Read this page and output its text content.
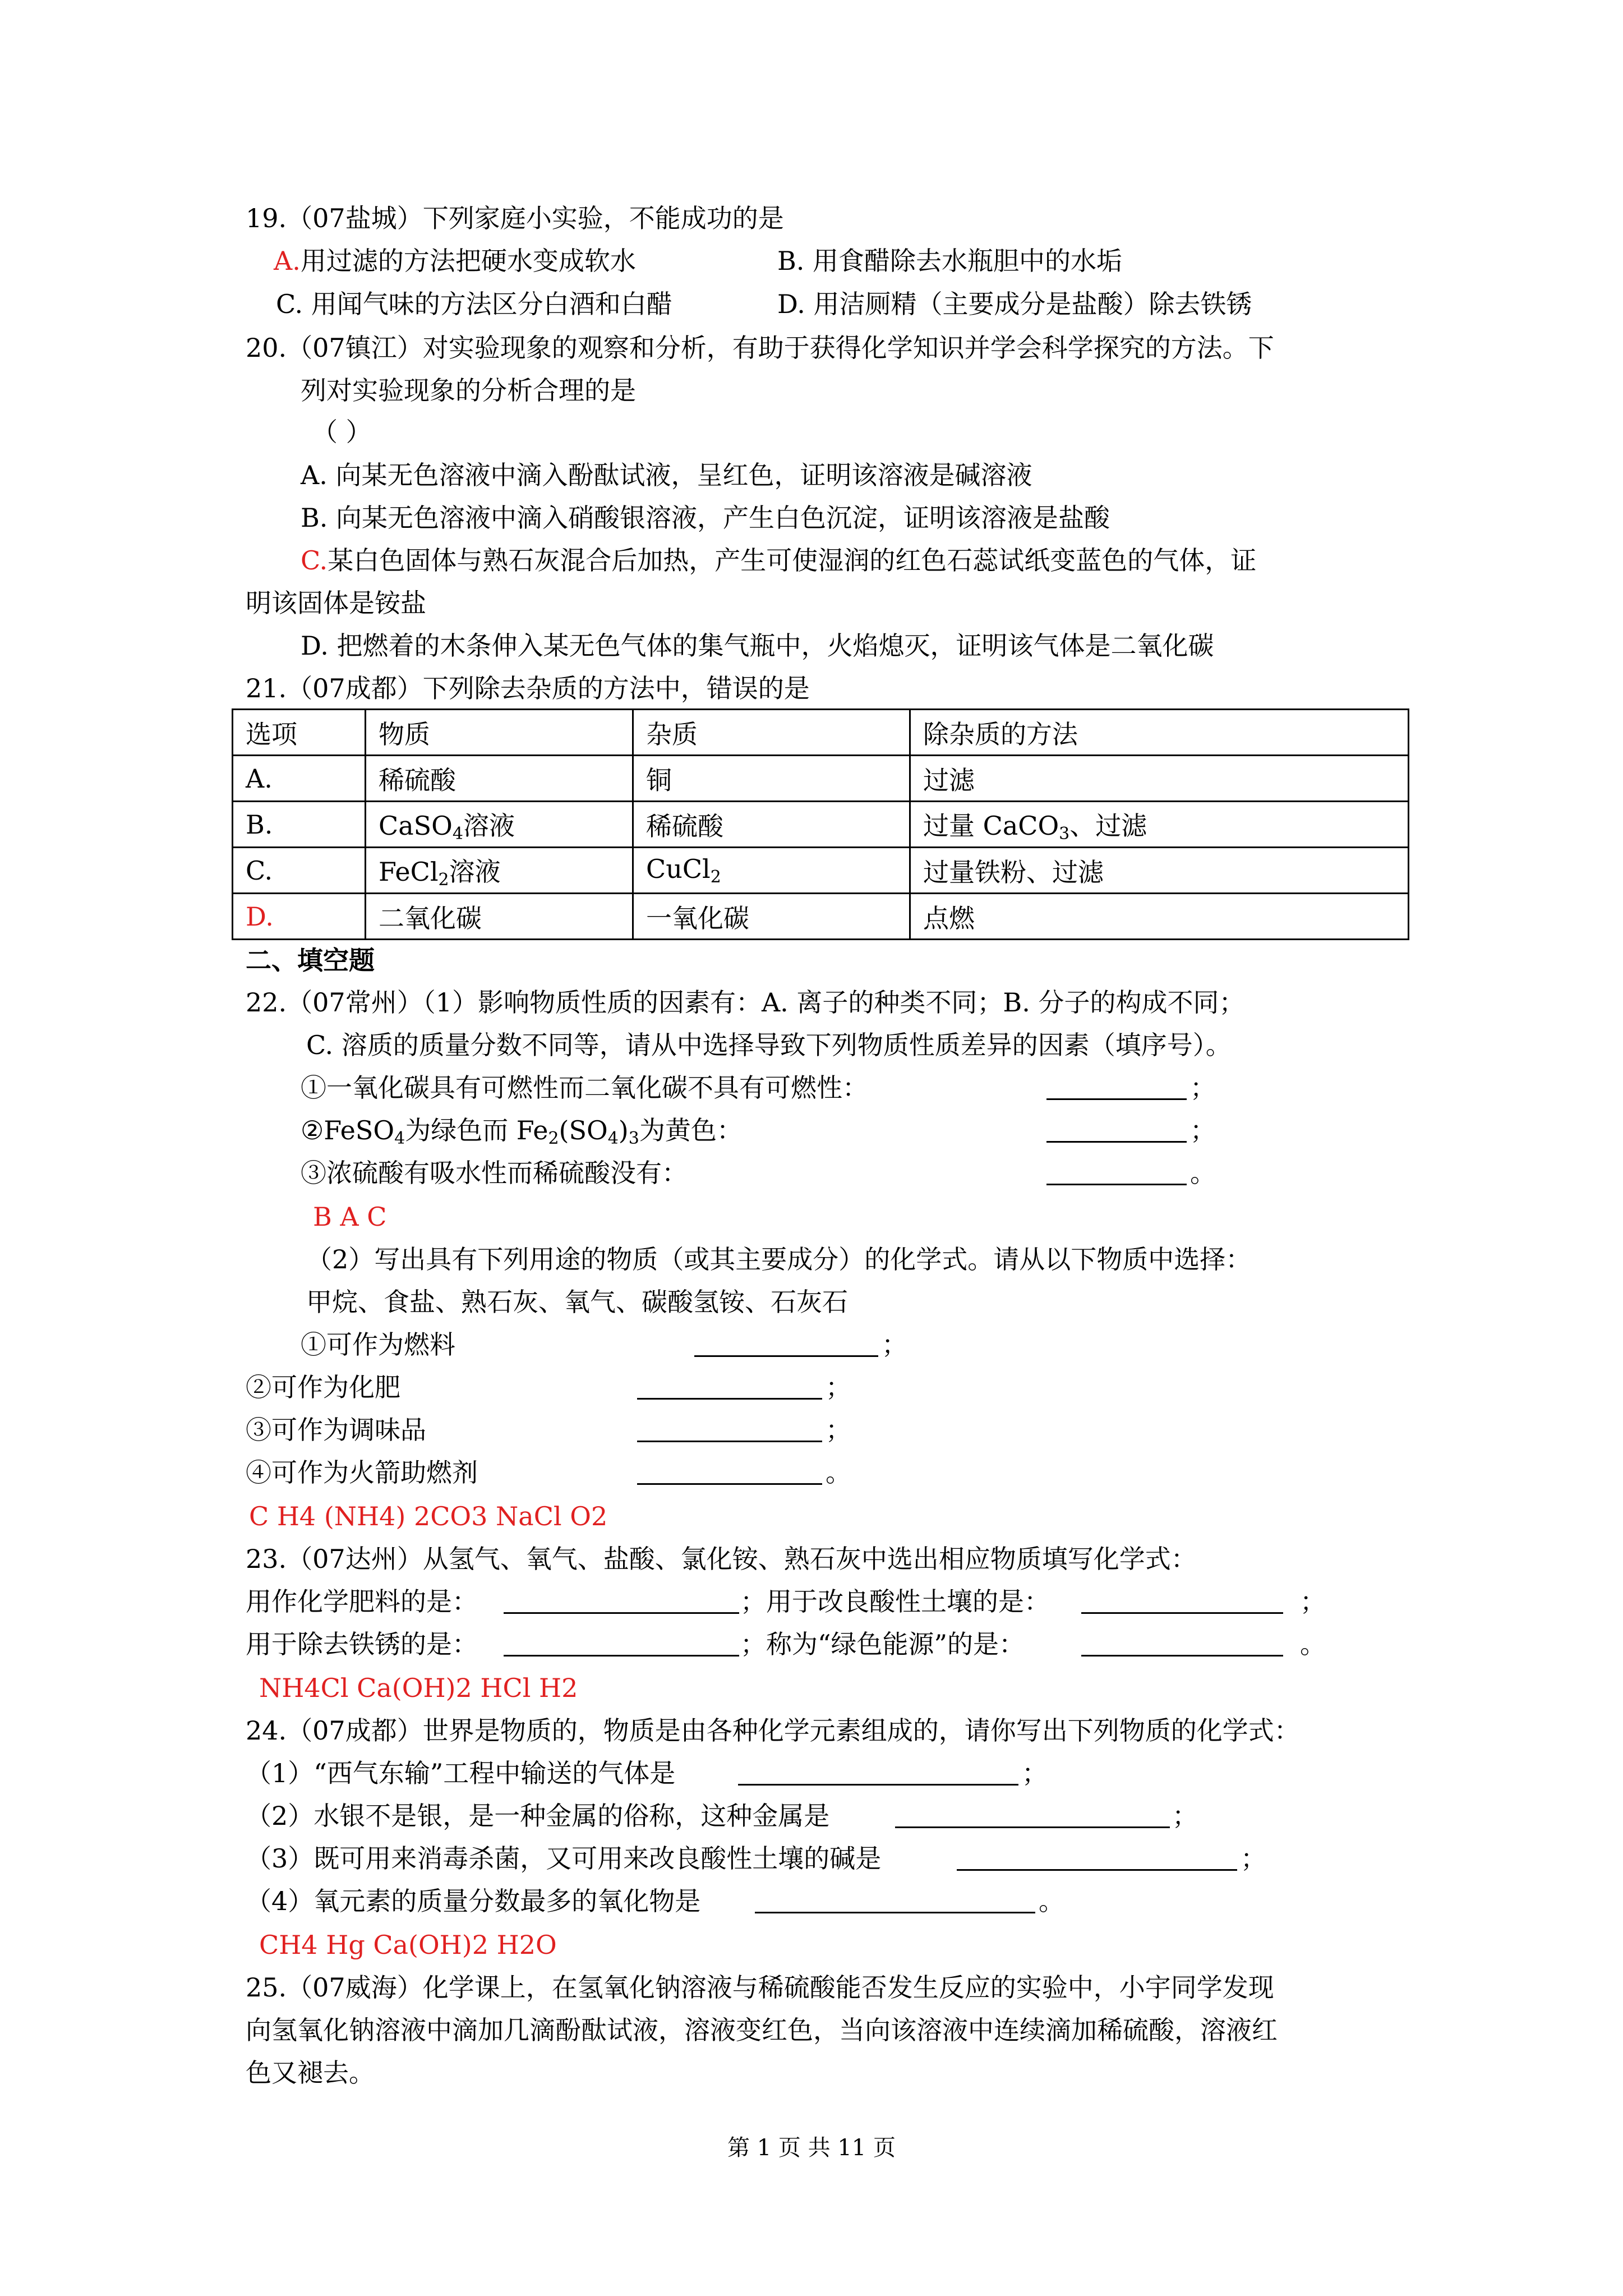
19.（07盐城）下列家庭小实验，不能成功的是
A.用过滤的方法把硬水变成软水	B. 用食醋除去水瓶胆中的水垢
C. 用闻气味的方法区分白酒和白醋	D. 用洁厕精（主要成分是盐酸）除去铁锈
20.（07镇江）对实验现象的观察和分析，有助于获得化学知识并学会科学探究的方法。下
列对实验现象的分析合理的是
（ ）
A. 向某无色溶液中滴入酚酞试液，呈红色，证明该溶液是碱溶液
B. 向某无色溶液中滴入硝酸银溶液，产生白色沉淀，证明该溶液是盐酸
C.某白色固体与熟石灰混合后加热，产生可使湿润的红色石蕊试纸变蓝色的气体，证
明该固体是铵盐
D. 把燃着的木条伸入某无色气体的集气瓶中，火焰熄灭，证明该气体是二氧化碳
21.（07成都）下列除去杂质的方法中，错误的是
选项	物质	杂质	除杂质的方法
A.	稀硫酸	铜	过滤
B.	CaSO$_4$溶液	稀硫酸	过量 CaCO$_3$、过滤
C.	FeCl$_2$溶液	CuCl$_2$	过量铁粉、过滤
D.	二氧化碳	一氧化碳	点燃
二、填空题
22.（07常州）（1）影响物质性质的因素有：A. 离子的种类不同；B. 分子的构成不同；
C. 溶质的质量分数不同等，请从中选择导致下列物质性质差异的因素（填序号）。
①一氧化碳具有可燃性而二氧化碳不具有可燃性：	；
②FeSO$_4$为绿色而 $Fe_2(SO_4)_3$为黄色：	；
③浓硫酸有吸水性而稀硫酸没有：	。
B A C
（2）写出具有下列用途的物质（或其主要成分）的化学式。请从以下物质中选择：
甲烷、食盐、熟石灰、氧气、碳酸氢铵、石灰石
①可作为燃料	；
②可作为化肥	；
③可作为调味品	；
④可作为火箭助燃剂	。
C H4 (NH4) 2CO3 NaCl O2
23.（07达州）从氢气、氧气、盐酸、氯化铵、熟石灰中选出相应物质填写化学式：
用作化学肥料的是：	；用于改良酸性土壤的是：	；
用于除去铁锈的是：	；称为“绿色能源”的是：	。
NH4Cl Ca(OH)2 HCl H2
24.（07成都）世界是物质的，物质是由各种化学元素组成的，请你写出下列物质的化学式：
（1）“西气东输”工程中输送的气体是	；
（2）水银不是银，是一种金属的俗称，这种金属是	；
（3）既可用来消毒杀菌，又可用来改良酸性土壤的碱是	；
（4）氧元素的质量分数最多的氧化物是	。
CH4 Hg Ca(OH)2 H2O
25.（07威海）化学课上，在氢氧化钠溶液与稀硫酸能否发生反应的实验中，小宇同学发现
向氢氧化钠溶液中滴加几滴酚酞试液，溶液变红色，当向该溶液中连续滴加稀硫酸，溶液红
色又褪去。
第 1 页 共 11 页
